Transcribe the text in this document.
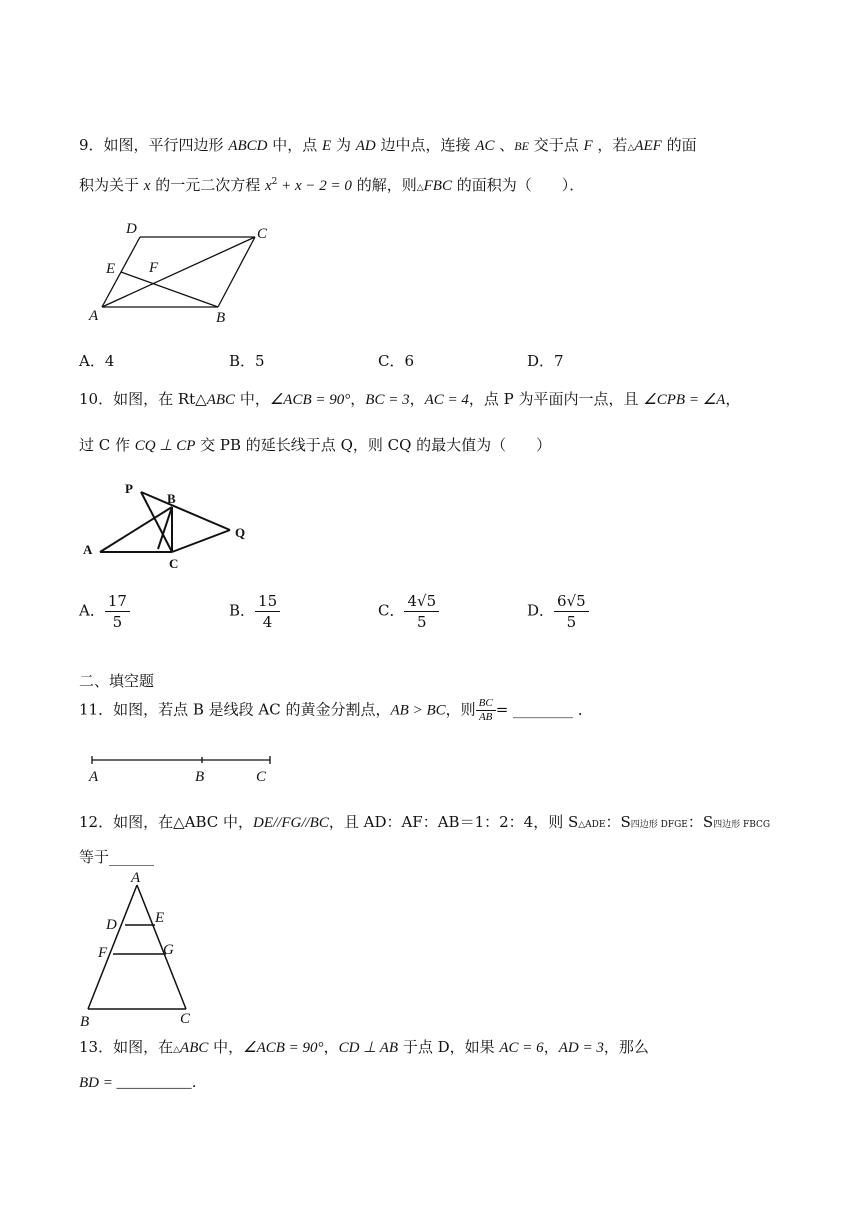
9．如图，平行四边形 ABCD 中，点 E 为 AD 边中点，连接 AC 、BE 交于点 F ，若△AEF 的面
积为关于 x 的一元二次方程 $x^2 + x - 2 = 0$ 的解，则△FBC 的面积为（　　）．
D	C
E F
A	B
A．4	B．5	C．6	D．7
10．如图，在 Rt△ABC 中，∠ACB = 90°，BC = 3，AC = 4，点 P 为平面内一点，且 ∠CPB = ∠A，
过 C 作 CQ ⊥ CP 交 PB 的延长线于点 Q，则 CQ 的最大值为（　　）
P
B
A
C
Q
A． $\frac{17}{5}$	B． $\frac{15}{4}$	C． $\frac{4√5}{5}$	D． $\frac{6√5}{5}$
二、填空题
11．如图，若点 B 是线段 AC 的黄金分割点，AB > BC，则 $\frac{BC}{AB}$ = ________ ．
A	B	C
12．如图，在△ABC 中，DE//FG//BC，且 AD：AF：AB＝1：2：4，则 S△ADE：S四边形 DFGE：S四边形 FBCG
等于______
A
D	E
F	G
B	C
13．如图，在△ABC 中，∠ACB = 90°，CD ⊥ AB 于点 D，如果 AC = 6，AD = 3，那么
BD = __________．
